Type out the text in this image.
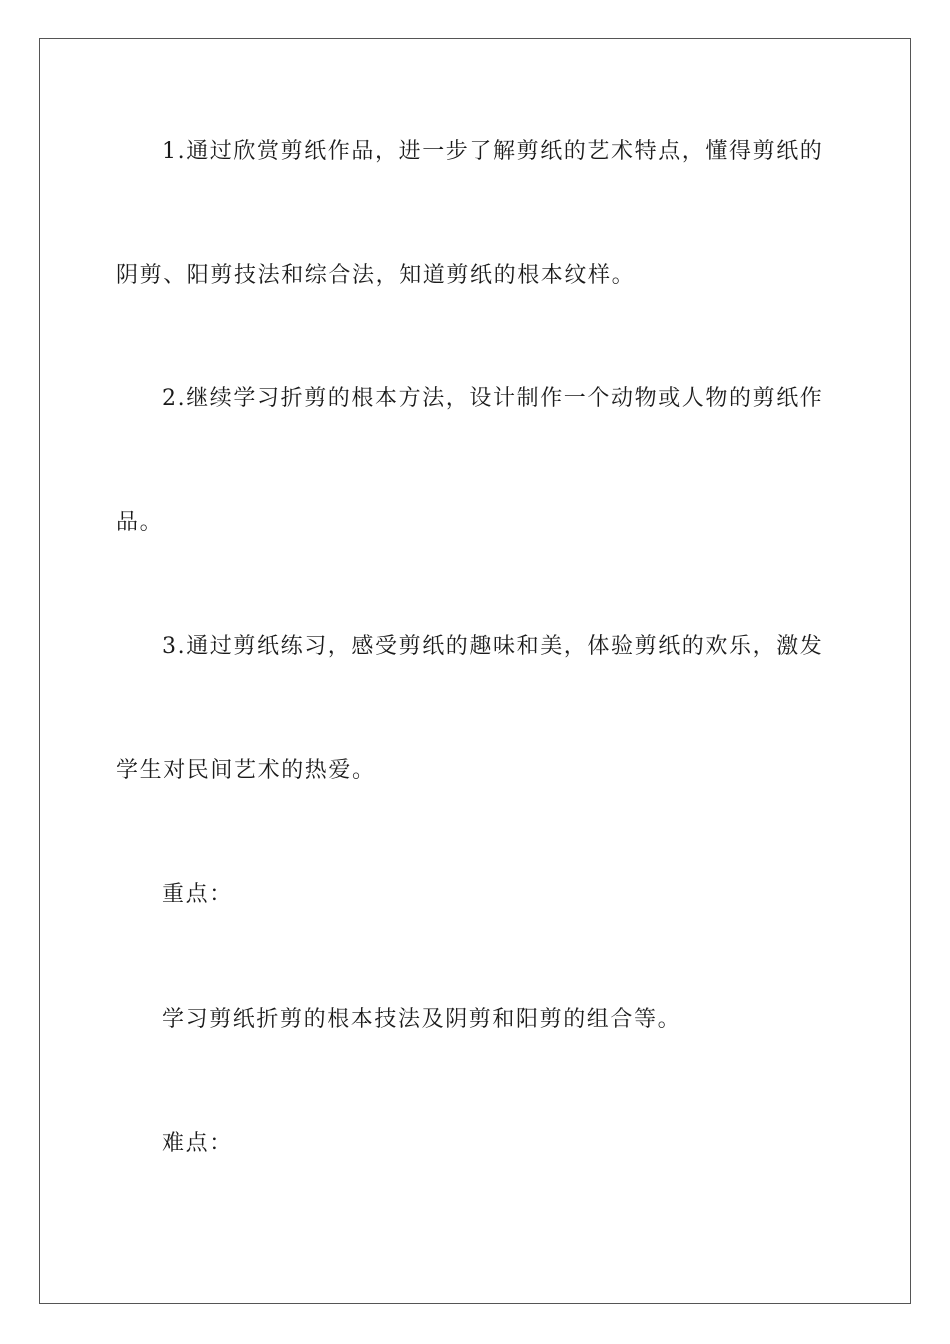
1.通过欣赏剪纸作品，进一步了解剪纸的艺术特点，懂得剪纸的
阴剪、阳剪技法和综合法，知道剪纸的根本纹样。
2.继续学习折剪的根本方法，设计制作一个动物或人物的剪纸作
品。
3.通过剪纸练习，感受剪纸的趣味和美，体验剪纸的欢乐，激发
学生对民间艺术的热爱。
重点：
学习剪纸折剪的根本技法及阴剪和阳剪的组合等。
难点：
